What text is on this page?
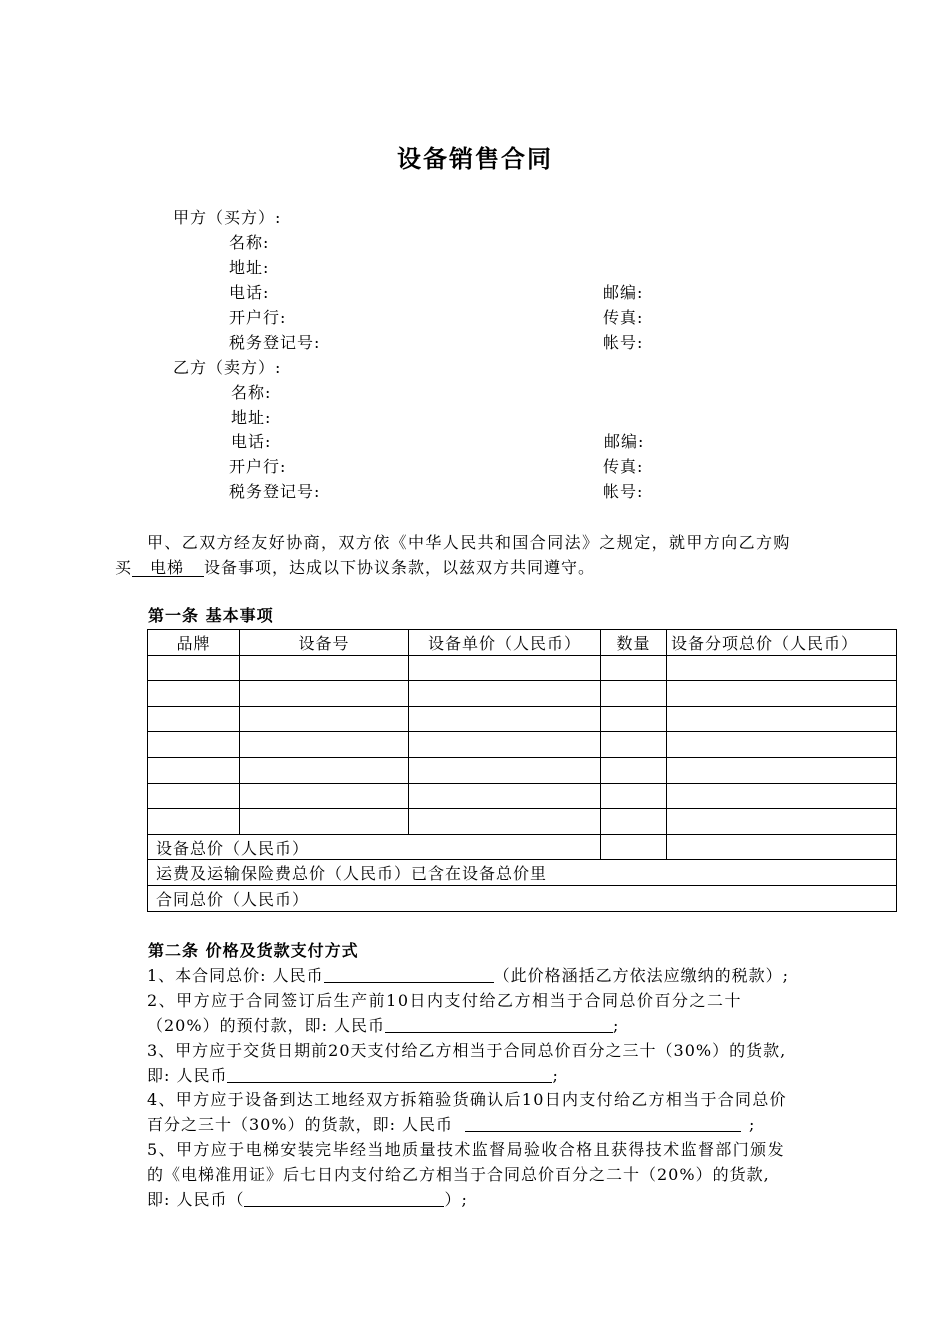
设备销售合同
甲方（买方）:
名称:
地址:
电话:	邮编:
开户行:	传真:
税务登记号:	帐号:
乙方（卖方）:
名称:
地址:
电话:	邮编:
开户行:	传真:
税务登记号:	帐号:
甲、乙双方经友好协商，双方依《中华人民共和国合同法》之规定，就甲方向乙方购
买 电梯 设备事项，达成以下协议条款，以兹双方共同遵守。
第一条 基本事项
品牌	设备号	设备单价（人民币）	数量	设备分项总价（人民币）

设备总价（人民币）				
运费及运输保险费总价（人民币）已含在设备总价里				
合同总价（人民币）				
第二条 价格及货款支付方式
1、本合同总价: 人民币	（此价格涵括乙方依法应缴纳的税款）;
2、甲方应于合同签订后生产前10日内支付给乙方相当于合同总价百分之二十
（20%）的预付款，即: 人民币	;
3、甲方应于交货日期前20天支付给乙方相当于合同总价百分之三十（30%）的货款,
即: 人民币	;
4、甲方应于设备到达工地经双方拆箱验货确认后10日内支付给乙方相当于合同总价
百分之三十（30%）的货款，即: 人民币	;
5、甲方应于电梯安装完毕经当地质量技术监督局验收合格且获得技术监督部门颁发
的《电梯准用证》后七日内支付给乙方相当于合同总价百分之二十（20%）的货款,
即: 人民币（	）;
